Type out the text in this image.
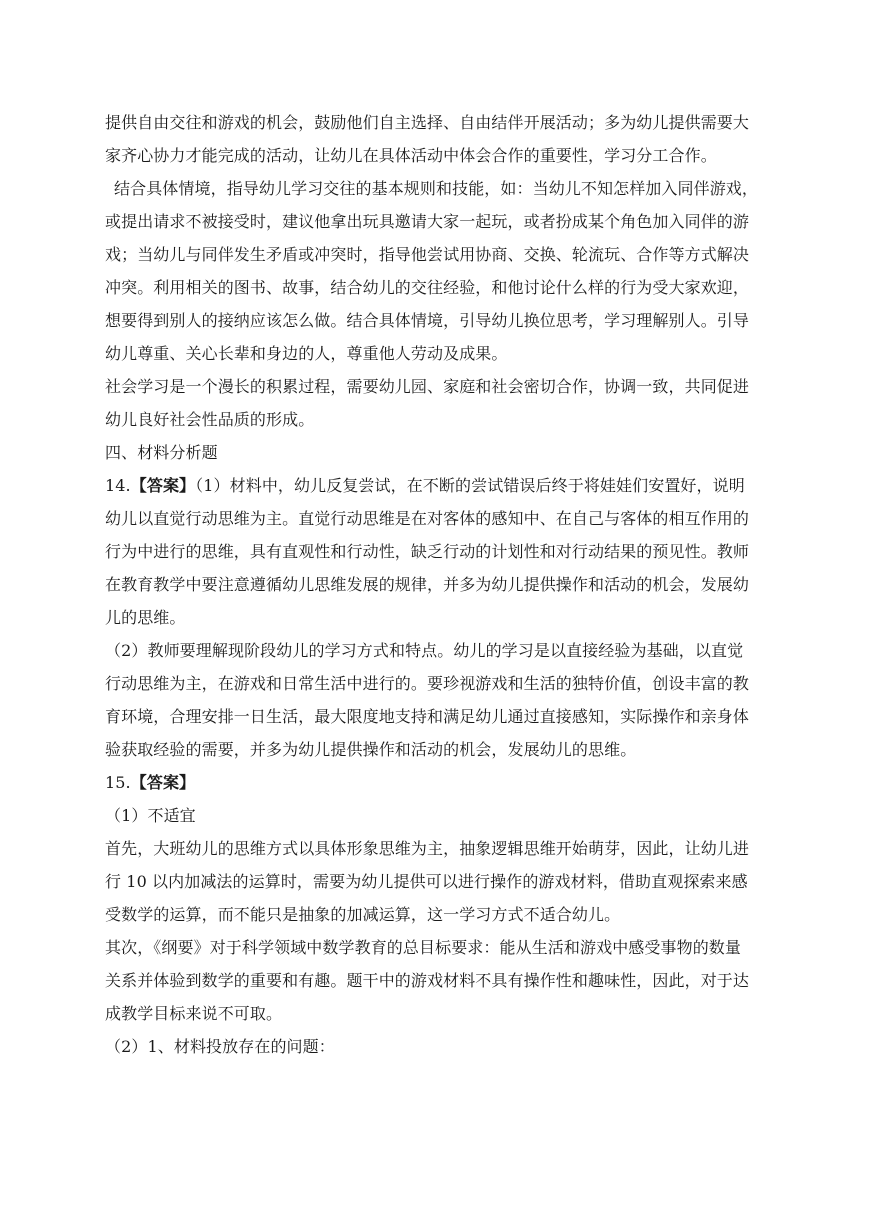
提供自由交往和游戏的机会，鼓励他们自主选择、自由结伴开展活动；多为幼儿提供需要大
家齐心协力才能完成的活动，让幼儿在具体活动中体会合作的重要性，学习分工合作。
结合具体情境，指导幼儿学习交往的基本规则和技能，如：当幼儿不知怎样加入同伴游戏，
或提出请求不被接受时，建议他拿出玩具邀请大家一起玩，或者扮成某个角色加入同伴的游
戏；当幼儿与同伴发生矛盾或冲突时，指导他尝试用协商、交换、轮流玩、合作等方式解决
冲突。利用相关的图书、故事，结合幼儿的交往经验，和他讨论什么样的行为受大家欢迎，
想要得到别人的接纳应该怎么做。结合具体情境，引导幼儿换位思考，学习理解别人。引导
幼儿尊重、关心长辈和身边的人，尊重他人劳动及成果。
社会学习是一个漫长的积累过程，需要幼儿园、家庭和社会密切合作，协调一致，共同促进
幼儿良好社会性品质的形成。
四、材料分析题
14.【答案】（1）材料中，幼儿反复尝试，在不断的尝试错误后终于将娃娃们安置好，说明
幼儿以直觉行动思维为主。直觉行动思维是在对客体的感知中、在自己与客体的相互作用的
行为中进行的思维，具有直观性和行动性，缺乏行动的计划性和对行动结果的预见性。教师
在教育教学中要注意遵循幼儿思维发展的规律，并多为幼儿提供操作和活动的机会，发展幼
儿的思维。
（2）教师要理解现阶段幼儿的学习方式和特点。幼儿的学习是以直接经验为基础，以直觉
行动思维为主，在游戏和日常生活中进行的。要珍视游戏和生活的独特价值，创设丰富的教
育环境，合理安排一日生活，最大限度地支持和满足幼儿通过直接感知，实际操作和亲身体
验获取经验的需要，并多为幼儿提供操作和活动的机会，发展幼儿的思维。
15.【答案】
（1）不适宜
首先，大班幼儿的思维方式以具体形象思维为主，抽象逻辑思维开始萌芽，因此，让幼儿进
行 10 以内加减法的运算时，需要为幼儿提供可以进行操作的游戏材料，借助直观探索来感
受数学的运算，而不能只是抽象的加减运算，这一学习方式不适合幼儿。
其次，《纲要》对于科学领域中数学教育的总目标要求：能从生活和游戏中感受事物的数量
关系并体验到数学的重要和有趣。题干中的游戏材料不具有操作性和趣味性，因此，对于达
成教学目标来说不可取。
（2）1、材料投放存在的问题：
